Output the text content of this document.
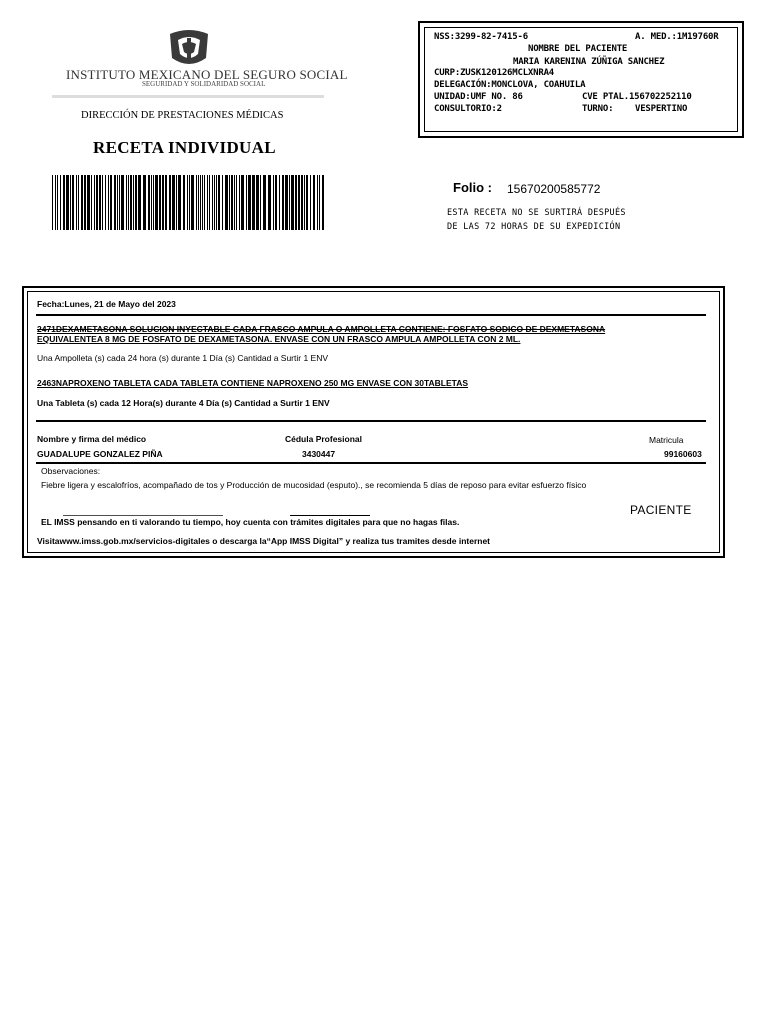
INSTITUTO MEXICANO DEL SEGURO SOCIAL
SEGURIDAD Y SOLIDARIDAD SOCIAL
DIRECCIÓN DE PRESTACIONES MÉDICAS
RECETA INDIVIDUAL
NSS:3299-82-7415-6	A. MED.:1M19760R
NOMBRE DEL PACIENTE
MARIA KARENINA ZÚÑIGA SANCHEZ
CURP:ZUSK120126MCLXNRA4
DELEGACIÓN:MONCLOVA, COAHUILA
UNIDAD:UMF NO. 86	CVE PTAL.156702252110
CONSULTORIO:2	TURNO: VESPERTINO
Folio : 15670200585772
ESTA RECETA NO SE SURTIRÁ DESPUÉS
DE LAS 72 HORAS DE SU EXPEDICIÓN
Fecha:Lunes, 21 de Mayo del 2023
2471DEXAMETASONA SOLUCION INYECTABLE CADA FRASCO AMPULA O AMPOLLETA CONTIENE: FOSFATO SODICO DE DEXMETASONA
EQUIVALENTEA 8 MG DE FOSFATO DE DEXAMETASONA. ENVASE CON UN FRASCO AMPULA AMPOLLETA CON 2 ML.
Una Ampolleta (s) cada 24 hora (s) durante 1 Día (s) Cantidad a Surtir 1 ENV
2463NAPROXENO TABLETA CADA TABLETA CONTIENE NAPROXENO 250 MG ENVASE CON 30TABLETAS
Una Tableta (s) cada 12 Hora(s) durante 4 Día (s) Cantidad a Surtir 1 ENV
Nombre y firma del médico	Cédula Profesional	Matricula
GUADALUPE GONZALEZ PIÑA	3430447	99160603
Observaciones:
Fiebre ligera y escalofríos, acompañado de tos y Producción de mucosidad (esputo)., se recomienda 5 días de reposo para evitar esfuerzo físico
PACIENTE
EL IMSS pensando en ti valorando tu tiempo, hoy cuenta con trámites digitales para que no hagas filas.
Visitawww.imss.gob.mx/servicios-digitales o descarga la“App IMSS Digital” y realiza tus tramites desde internet
